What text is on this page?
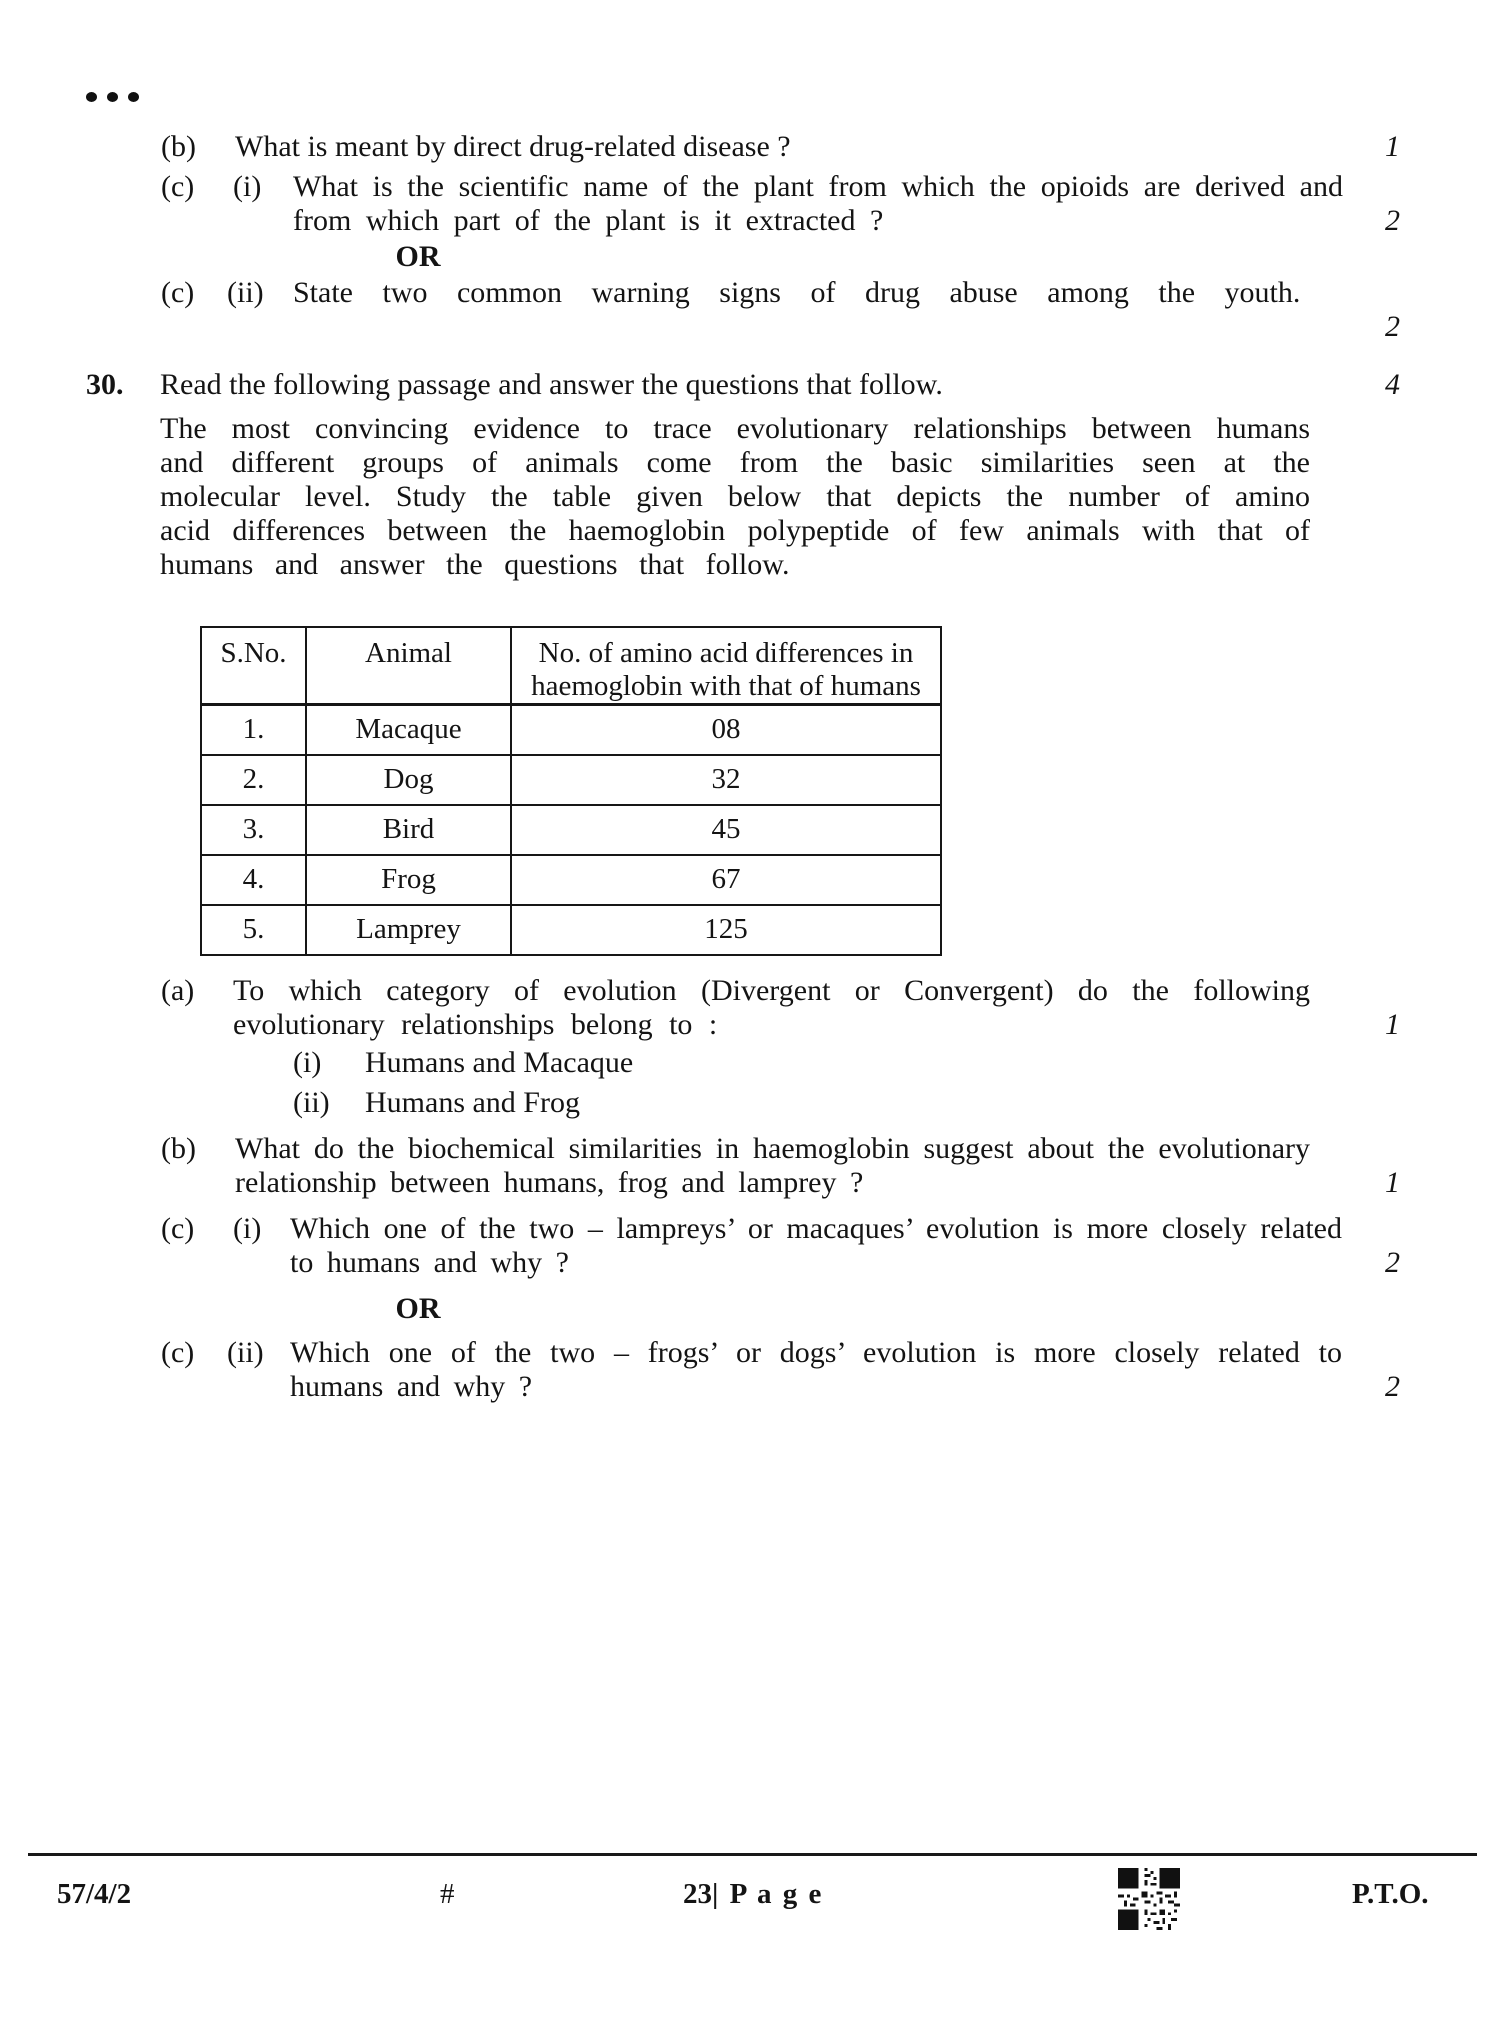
(b) What is meant by direct drug-related disease ?	1
(c) (i) What is the scientific name of the plant from which the opioids are derived and from which part of the plant is it extracted ?	2
OR
(c) (ii) State two common warning signs of drug abuse among the youth.
2
30. Read the following passage and answer the questions that follow.	4
The most convincing evidence to trace evolutionary relationships between humans and different groups of animals come from the basic similarities seen at the molecular level. Study the table given below that depicts the number of amino acid differences between the haemoglobin polypeptide of few animals with that of humans and answer the questions that follow.
S.No.	Animal	No. of amino acid differences in haemoglobin with that of humans
1.	Macaque	08
2.	Dog	32
3.	Bird	45
4.	Frog	67
5.	Lamprey	125
(a) To which category of evolution (Divergent or Convergent) do the following evolutionary relationships belong to :	1
(i) Humans and Macaque
(ii) Humans and Frog
(b) What do the biochemical similarities in haemoglobin suggest about the evolutionary relationship between humans, frog and lamprey ?	1
(c) (i) Which one of the two – lampreys’ or macaques’ evolution is more closely related to humans and why ?	2
OR
(c) (ii) Which one of the two – frogs’ or dogs’ evolution is more closely related to humans and why ?	2
57/4/2	#	23| P a g e	P.T.O.
